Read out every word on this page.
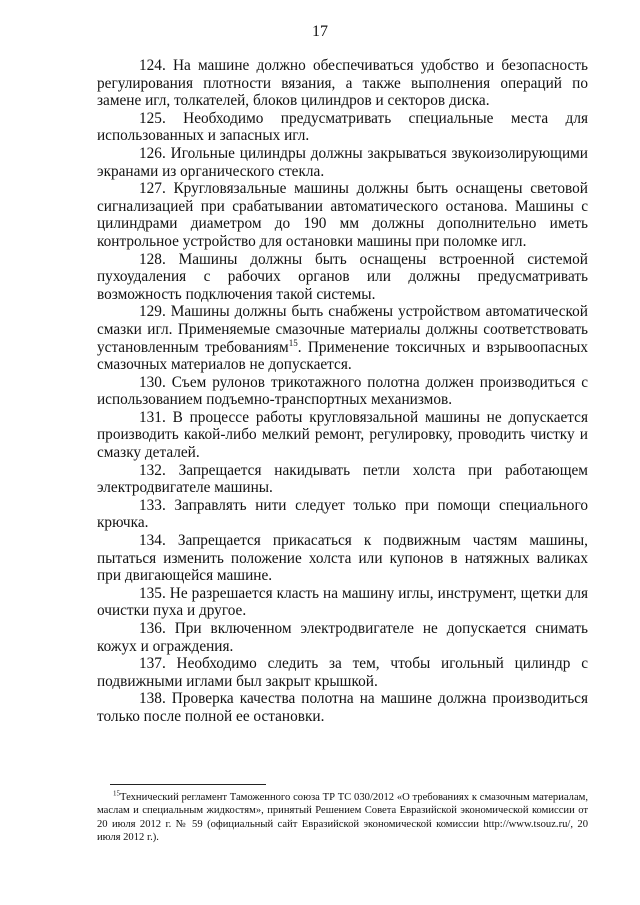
17

124. На машине должно обеспечиваться удобство и безопасность регулирования плотности вязания, а также выполнения операций по замене игл, толкателей, блоков цилиндров и секторов диска.

125. Необходимо предусматривать специальные места для использованных и запасных игл.

126. Игольные цилиндры должны закрываться звукоизолирующими экранами из органического стекла.

127. Кругловязальные машины должны быть оснащены световой сигнализацией при срабатывании автоматического останова. Машины с цилиндрами диаметром до 190 мм должны дополнительно иметь контрольное устройство для остановки машины при поломке игл.

128. Машины должны быть оснащены встроенной системой пухоудаления с рабочих органов или должны предусматривать возможность подключения такой системы.

129. Машины должны быть снабжены устройством автоматической смазки игл. Применяемые смазочные материалы должны соответствовать установленным требованиям$^{15}$. Применение токсичных и взрывоопасных смазочных материалов не допускается.

130. Съем рулонов трикотажного полотна должен производиться с использованием подъемно-транспортных механизмов.

131. В процессе работы кругловязальной машины не допускается производить какой-либо мелкий ремонт, регулировку, проводить чистку и смазку деталей.

132. Запрещается накидывать петли холста при работающем электродвигателе машины.

133. Заправлять нити следует только при помощи специального крючка.

134. Запрещается прикасаться к подвижным частям машины, пытаться изменить положение холста или купонов в натяжных валиках при двигающейся машине.

135. Не разрешается класть на машину иглы, инструмент, щетки для очистки пуха и другое.

136. При включенном электродвигателе не допускается снимать кожух и ограждения.

137. Необходимо следить за тем, чтобы игольный цилиндр с подвижными иглами был закрыт крышкой.

138. Проверка качества полотна на машине должна производиться только после полной ее остановки.

$^{15}$Технический регламент Таможенного союза ТР ТС 030/2012 «О требованиях к смазочным материалам, маслам и специальным жидкостям», принятый Решением Совета Евразийской экономической комиссии от 20 июля 2012 г. № 59 (официальный сайт Евразийской экономической комиссии http://www.tsouz.ru/, 20 июля 2012 г.).
